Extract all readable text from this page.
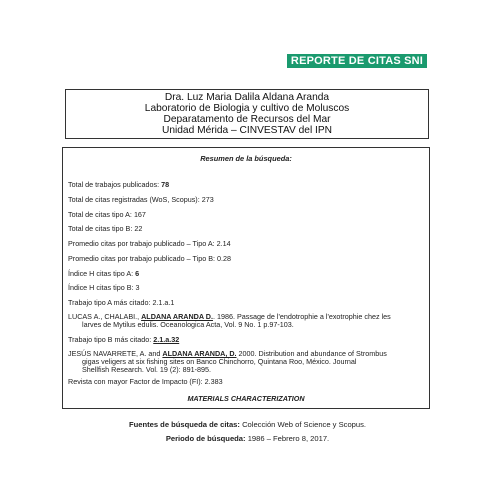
REPORTE DE CITAS SNI
Dra. Luz Maria Dalila Aldana Aranda
Laboratorio de Biologia y cultivo de Moluscos
Deparatamento de Recursos del Mar
Unidad Mérida – CINVESTAV del IPN
Resumen de la búsqueda:
Total de trabajos publicados: 78
Total de citas registradas (WoS, Scopus): 273
Total de citas tipo A: 167
Total de citas tipo B: 22
Promedio citas por trabajo publicado – Tipo A: 2.14
Promedio citas por trabajo publicado – Tipo B: 0.28
Índice H citas tipo A: 6
Índice H citas tipo B: 3
Trabajo tipo A más citado: 2.1.a.1
LUCAS A., CHALABI., ALDANA ARANDA D.. 1986. Passage de l'endotrophie a l'exotrophie chez les
larves de Mytilus edulis. Oceanologica Acta, Vol. 9 No. 1 p.97-103.
Trabajo tipo B más citado: 2.1.a.32
JESÚS NAVARRETE, A. and ALDANA ARANDA, D. 2000. Distribution and abundance of Strombus
gigas veligers at six fishing sites on Banco Chinchorro, Quintana Roo, México. Journal
Shellfish Research. Vol. 19 (2): 891-895.
Revista con mayor Factor de Impacto (FI): 2.383
MATERIALS CHARACTERIZATION
Fuentes de búsqueda de citas: Colección Web of Science y Scopus.
Periodo de búsqueda: 1986 – Febrero 8, 2017.
